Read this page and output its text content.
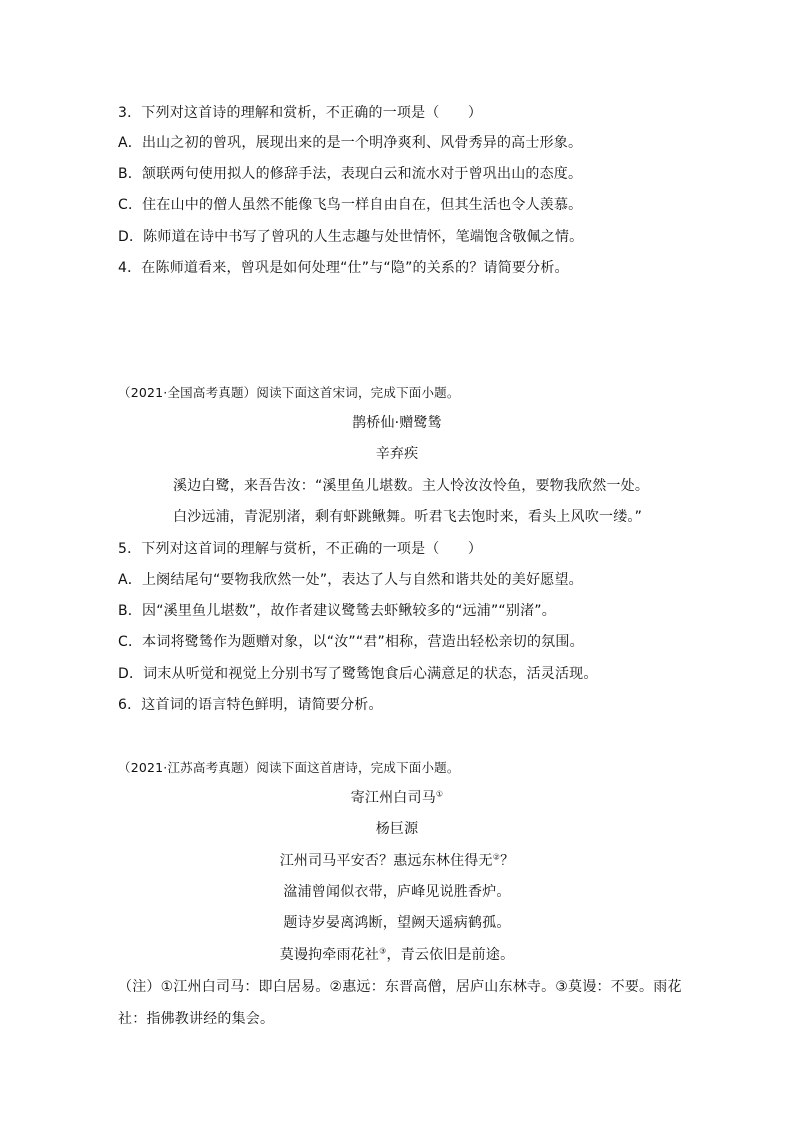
3．下列对这首诗的理解和赏析，不正确的一项是（　　）
A．出山之初的曾巩，展现出来的是一个明净爽利、风骨秀异的高士形象。
B．颔联两句使用拟人的修辞手法，表现白云和流水对于曾巩出山的态度。
C．住在山中的僧人虽然不能像飞鸟一样自由自在，但其生活也令人羡慕。
D．陈师道在诗中书写了曾巩的人生志趣与处世情怀，笔端饱含敬佩之情。
4．在陈师道看来，曾巩是如何处理“仕”与“隐”的关系的？请简要分析。
（2021·全国高考真题）阅读下面这首宋词，完成下面小题。
鹊桥仙·赠鹭鸶
辛弃疾
溪边白鹭，来吾告汝：“溪里鱼儿堪数。主人怜汝汝怜鱼，要物我欣然一处。
白沙远浦，青泥别渚，剩有虾跳鳅舞。听君飞去饱时来，看头上风吹一缕。”
5．下列对这首词的理解与赏析，不正确的一项是（　　）
A．上阕结尾句“要物我欣然一处”，表达了人与自然和谐共处的美好愿望。
B．因“溪里鱼儿堪数”，故作者建议鹭鸶去虾鳅较多的“远浦”“别渚”。
C．本词将鹭鸶作为题赠对象，以“汝”“君”相称，营造出轻松亲切的氛围。
D．词末从听觉和视觉上分别书写了鹭鸶饱食后心满意足的状态，活灵活现。
6．这首词的语言特色鲜明，请简要分析。
（2021·江苏高考真题）阅读下面这首唐诗，完成下面小题。
寄江州白司马①
杨巨源
江州司马平安否？惠远东林住得无②？
湓浦曾闻似衣带，庐峰见说胜香炉。
题诗岁晏离鸿断，望阙天遥病鹤孤。
莫谩拘牵雨花社③，青云依旧是前途。
（注）①江州白司马：即白居易。②惠远：东晋高僧，居庐山东林寺。③莫谩：不要。雨花
社：指佛教讲经的集会。
